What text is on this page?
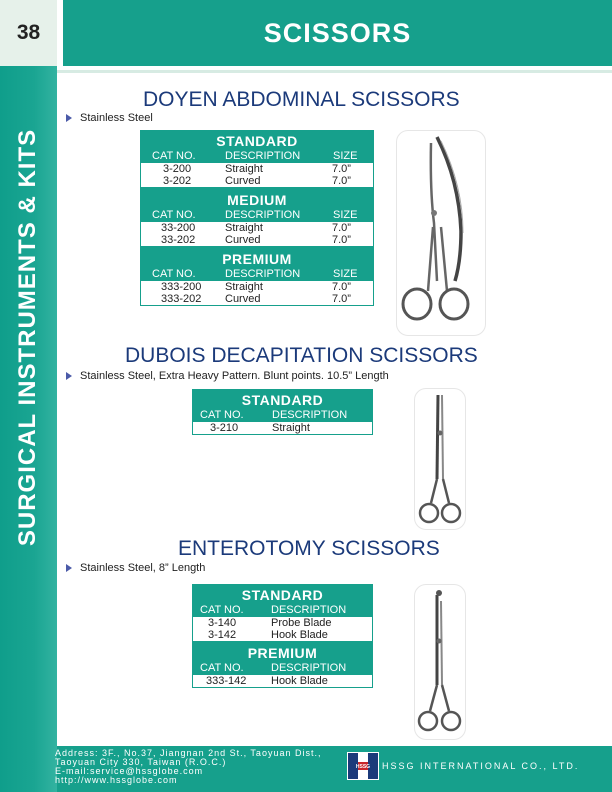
38
SURGICAL INSTRUMENTS & KITS
SCISSORS
DOYEN ABDOMINAL SCISSORS
Stainless Steel
STANDARD
CAT NO.	DESCRIPTION	SIZE
3-200	Straight	7.0”
3-202	Curved	7.0”
MEDIUM
CAT NO.	DESCRIPTION	SIZE
33-200	Straight	7.0”
33-202	Curved	7.0”
PREMIUM
CAT NO.	DESCRIPTION	SIZE
333-200 Straight	7.0”
333-202 Curved	7.0”
DUBOIS DECAPITATION SCISSORS
Stainless Steel, Extra Heavy Pattern. Blunt points. 10.5” Length
STANDARD
CAT NO.	DESCRIPTION
3-210	Straight
ENTEROTOMY SCISSORS
Stainless Steel, 8” Length
STANDARD
CAT NO. DESCRIPTION
3-140	Probe Blade
3-142	Hook Blade
PREMIUM
CAT NO. DESCRIPTION
333-142 Hook Blade
Address: 3F., No.37, Jiangnan 2nd St., Taoyuan Dist.,
Taoyuan City 330, Taiwan (R.O.C.)
E-mail:service@hssglobe.com
http://www.hssglobe.com
HSSG HSSG INTERNATIONAL CO., LTD.
